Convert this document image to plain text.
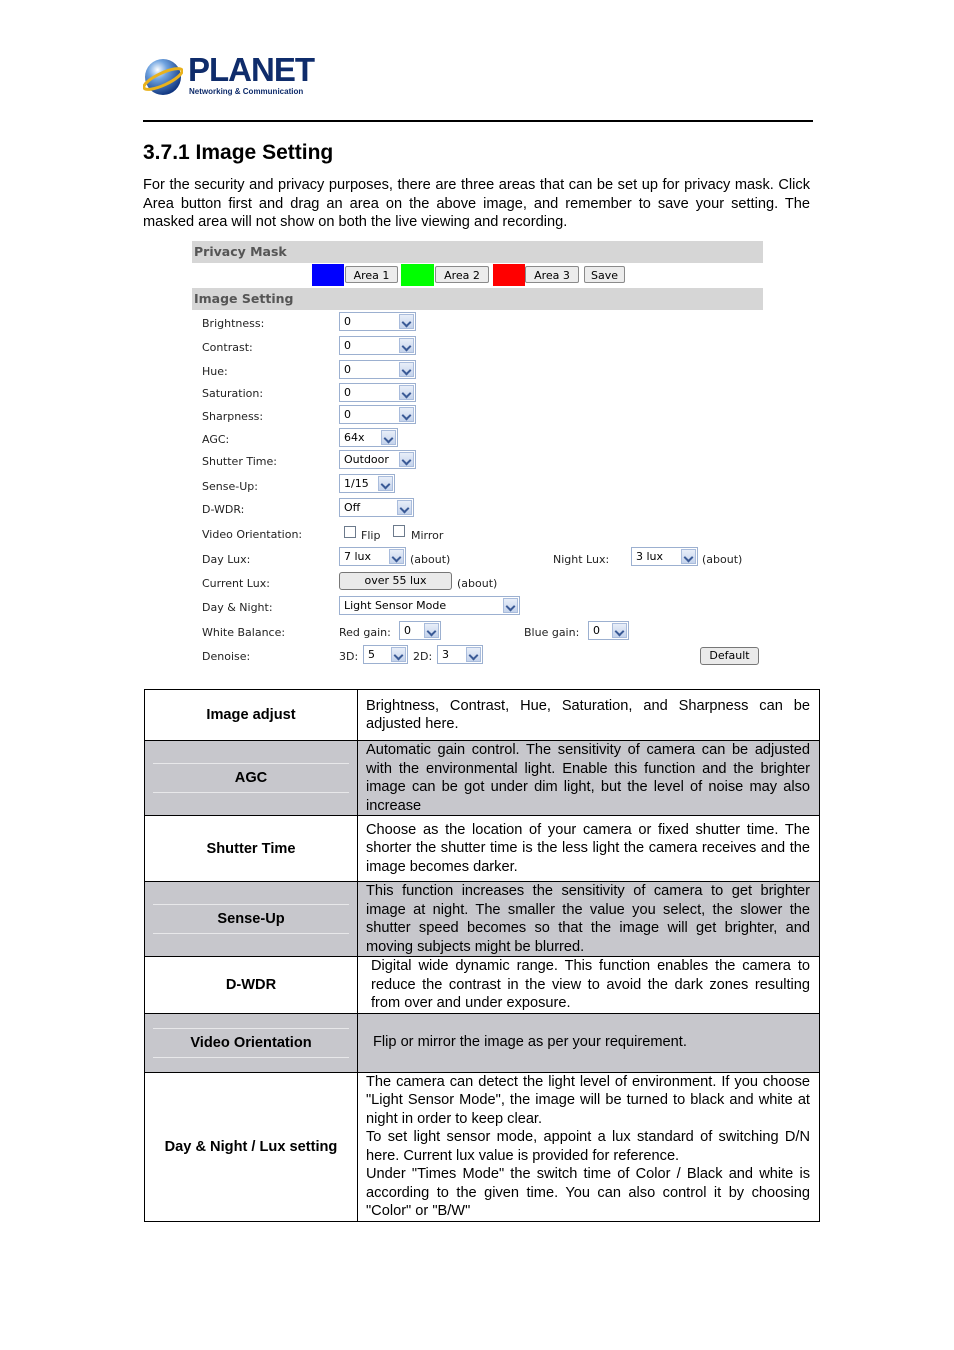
PLANET
Networking & Communication
3.7.1 Image Setting
For the security and privacy purposes, there are three areas that can be set up for privacy mask. Click Area button first and drag an area on the above image, and remember to save your setting. The masked area will not show on both the live viewing and recording.
Privacy Mask
Area 1	Area 2	Area 3	Save
Image Setting
Brightness:	0
Contrast:	0
Hue:	0
Saturation:	0
Sharpness:	0
AGC:	64x
Shutter Time:	Outdoor
Sense-Up:	1/15
D-WDR:	Off
Video Orientation:	Flip	Mirror
Day Lux:	7 lux	(about)	Night Lux:	3 lux	(about)
Current Lux:	over 55 lux	(about)
Day & Night:	Light Sensor Mode
White Balance:	Red gain:	0	Blue gain:	0
Denoise:	3D: 5	2D: 3	Default
Image adjust	Brightness, Contrast, Hue, Saturation, and Sharpness can be adjusted here.

AGC	Automatic gain control. The sensitivity of camera can be adjusted with the environmental light. Enable this function and the brighter image can be got under dim light, but the level of noise may also increase
Shutter Time	Choose as the location of your camera or fixed shutter time. The shorter the shutter time is the less light the camera receives and the image becomes darker.

Sense-Up	This function increases the sensitivity of camera to get brighter image at night. The smaller the value you select, the slower the shutter speed becomes so that the image will get brighter, and moving subjects might be blurred.
D-WDR	Digital wide dynamic range. This function enables the camera to reduce the contrast in the view to avoid the dark zones resulting from over and under exposure.

Video Orientation	Flip or mirror the image as per your requirement.
Day & Night / Lux setting	The camera can detect the light level of environment. If you choose "Light Sensor Mode", the image will be turned to black and white at night in order to keep clear.
To set light sensor mode, appoint a lux standard of switching D/N here. Current lux value is provided for reference.
Under "Times Mode" the switch time of Color / Black and white is according to the given time. You can also control it by choosing "Color" or "B/W"
